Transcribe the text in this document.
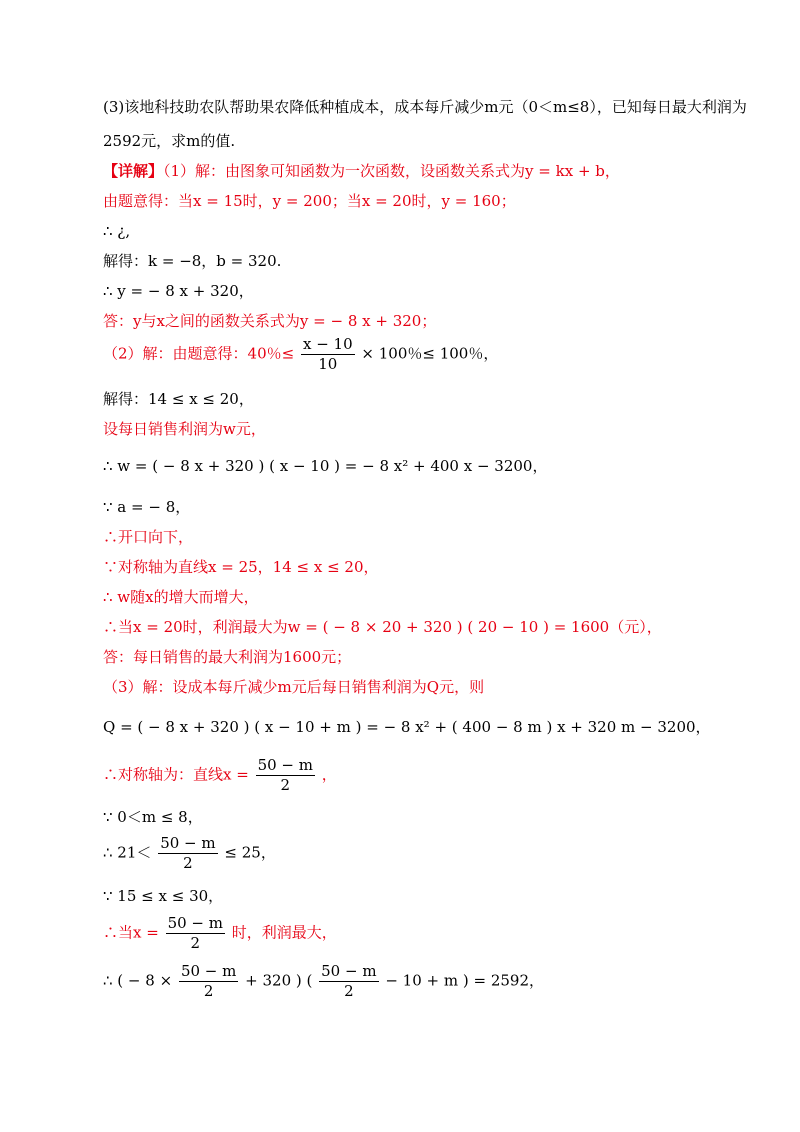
(3)该地科技助农队帮助果农降低种植成本，成本每斤减少m元（0＜m≤8），已知每日最大利润为
2592元，求m的值.
【详解】（1）解：由图象可知函数为一次函数，设函数关系式为y = kx + b，
由题意得：当x = 15时，y = 200；当x = 20时，y = 160；
∴ ¿,
解得：k = −8，b = 320.
∴ y = − 8 x + 320，
答：y与x之间的函数关系式为y = − 8 x + 320；
（2）解：由题意得：40％≤ $\frac{x - 10}{10} \times 100$％≤ 100％，
解得：14 ≤ x ≤ 20，
设每日销售利润为w元，
∴ w = ( − 8 x + 320 ) ( x − 10 ) = − 8 x² + 400 x − 3200，
∵ a = − 8，
∴开口向下，
∵对称轴为直线x = 25，14 ≤ x ≤ 20，
∴ w随x的增大而增大，
∴当x = 20时，利润最大为w = ( − 8 × 20 + 320 ) ( 20 − 10 ) = 1600（元），
答：每日销售的最大利润为1600元；
（3）解：设成本每斤减少m元后每日销售利润为Q元，则
Q = ( − 8 x + 320 ) ( x − 10 + m ) = − 8 x² + ( 400 − 8 m ) x + 320 m − 3200，
∴对称轴为：直线$x = \frac{50 - m}{2}$ ，
∵ 0＜m ≤ 8，
∴ $21< \frac{50 - m}{2} \le 25$，
∵ 15 ≤ x ≤ 30，
∴当$x = \frac{50 - m}{2}$ 时，利润最大，
∴ ( − $8 \times \frac{50 - m}{2} + 320$ ) ( $\frac{50 - m}{2} - 10 + m$ ) = 2592，
